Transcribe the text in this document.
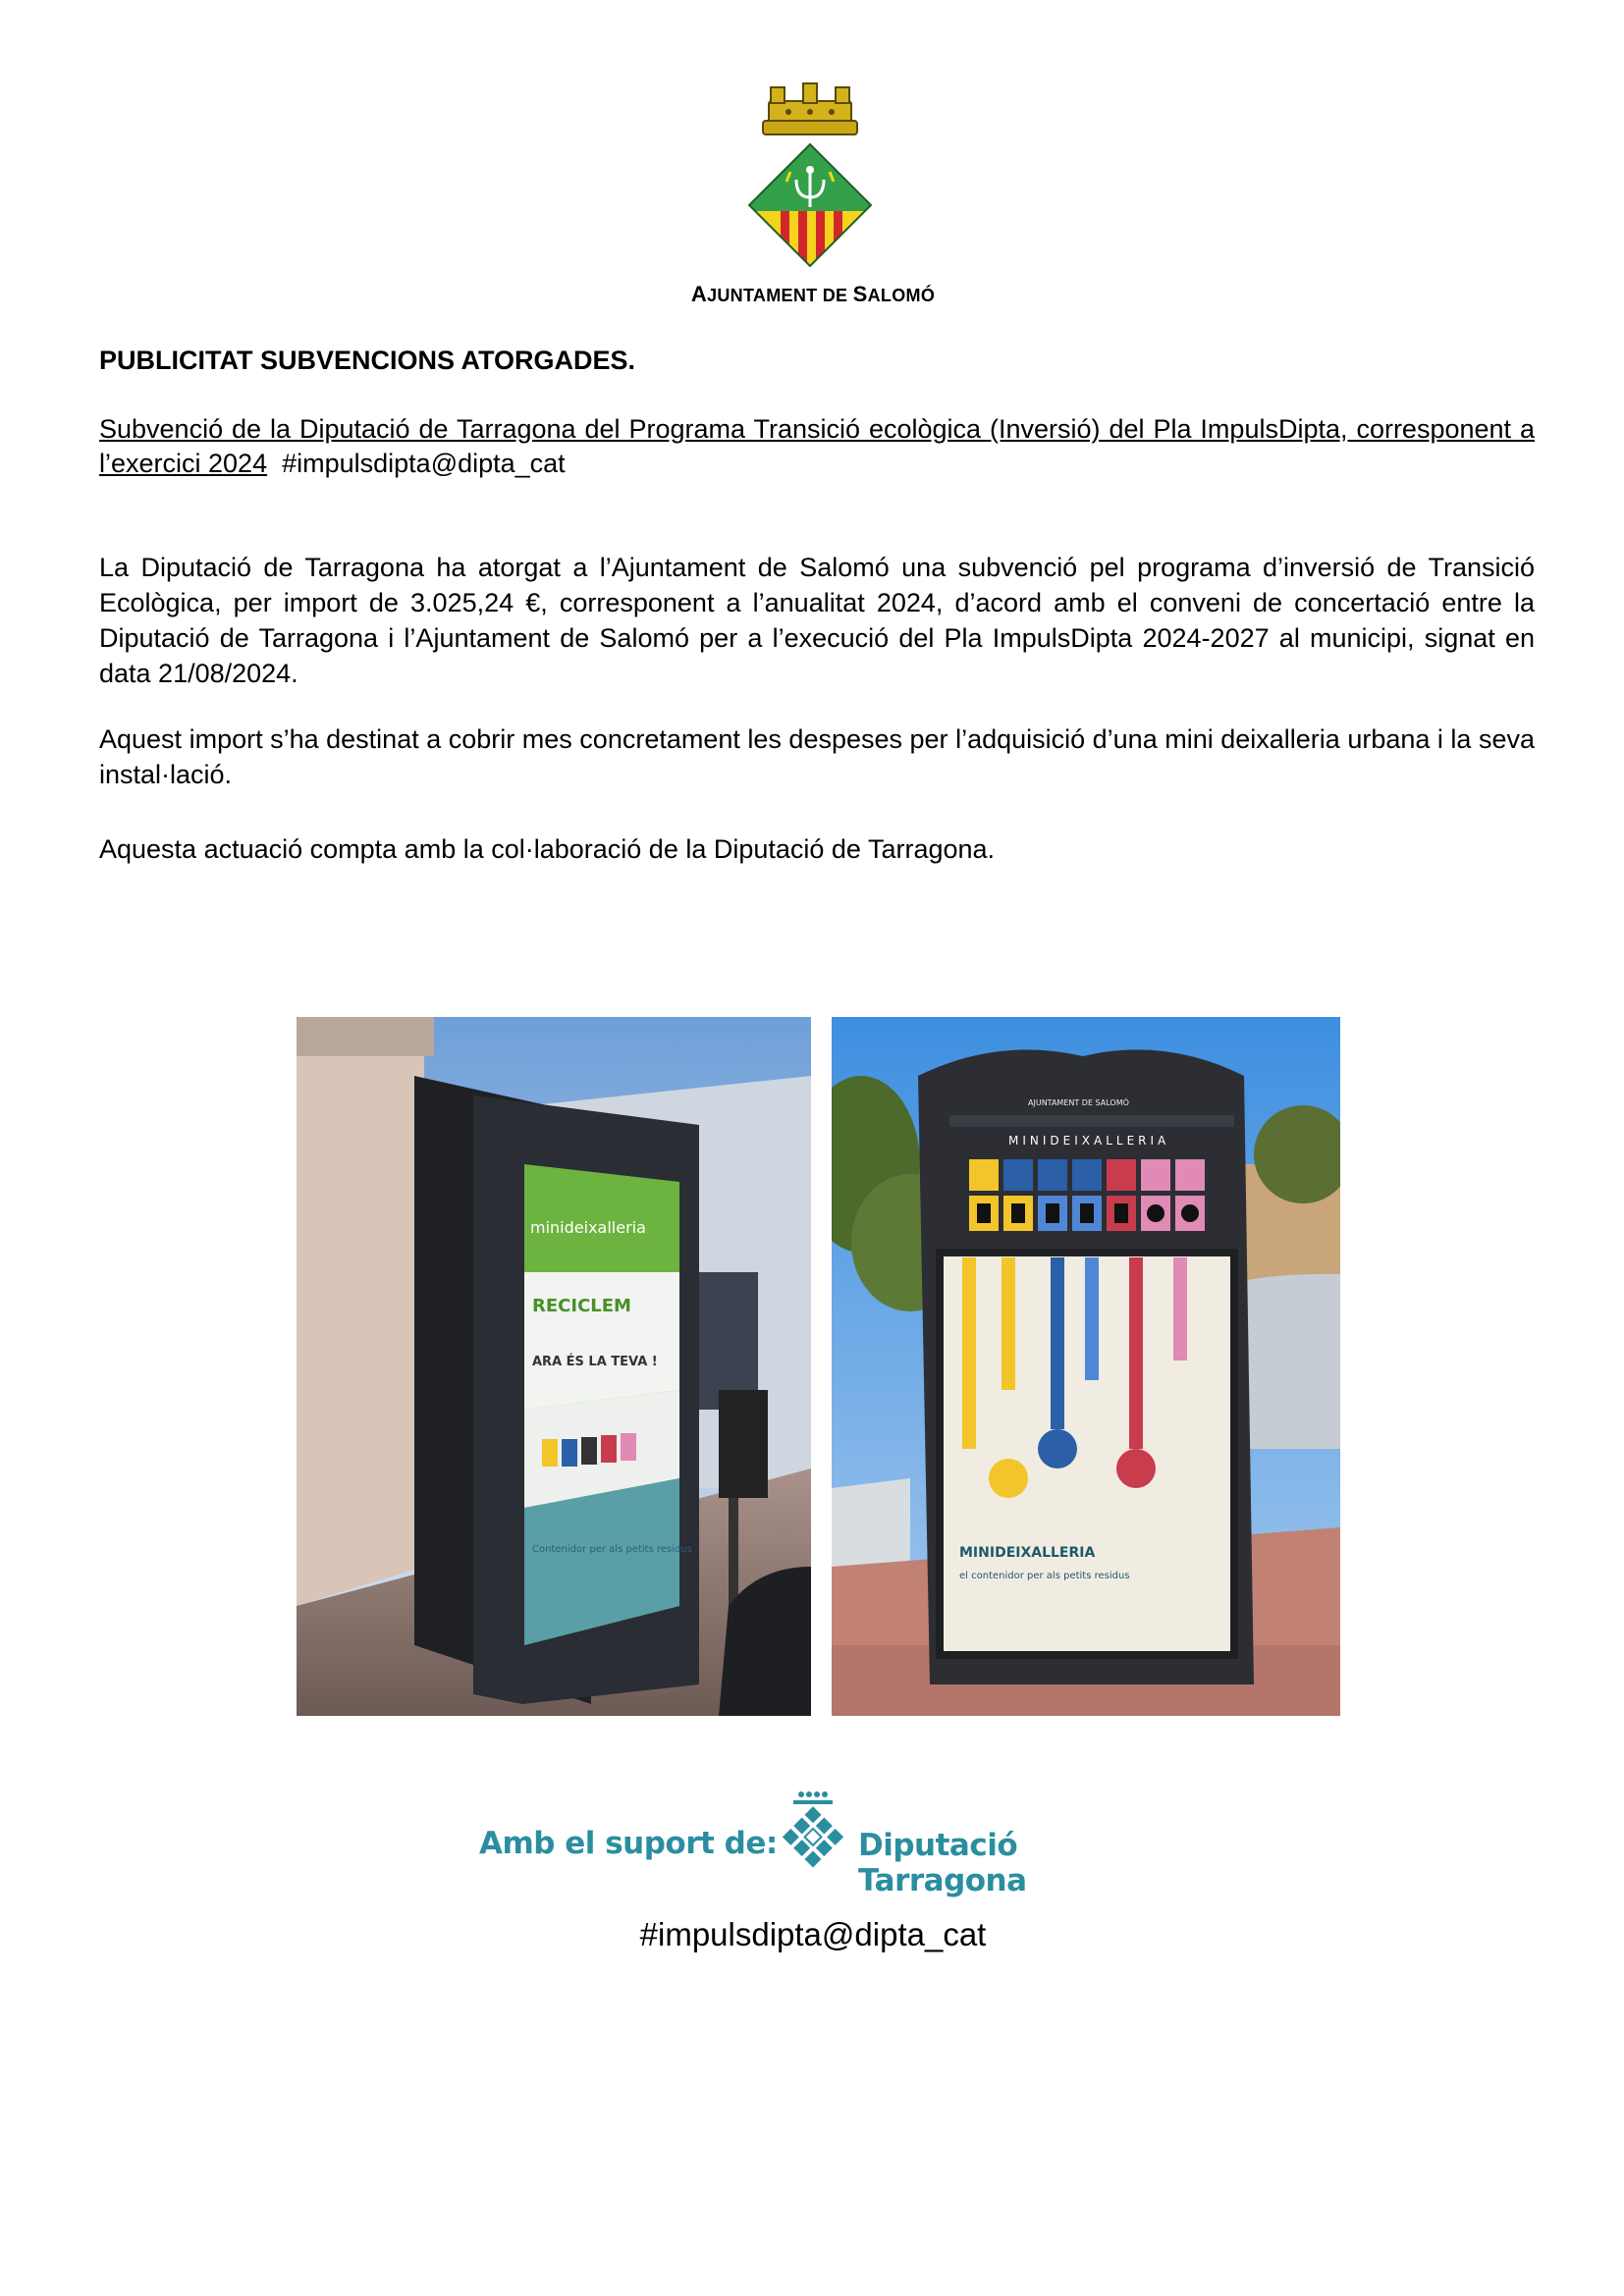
AJUNTAMENT DE SALOMÓ
PUBLICITAT SUBVENCIONS ATORGADES.
Subvenció de la Diputació de Tarragona del Programa Transició ecològica (Inversió) del Pla ImpulsDipta, corresponent a l’exercici 2024 #impulsdipta@dipta_cat
La Diputació de Tarragona ha atorgat a l’Ajuntament de Salomó una subvenció pel programa d’inversió de Transició Ecològica, per import de 3.025,24 €, corresponent a l’anualitat 2024, d’acord amb el conveni de concertació entre la Diputació de Tarragona i l’Ajuntament de Salomó per a l’execució del Pla ImpulsDipta 2024-2027 al municipi, signat en data 21/08/2024.
Aquest import s’ha destinat a cobrir mes concretament les despeses per l’adquisició d’una mini deixalleria urbana i la seva instal·lació.
Aquesta actuació compta amb la col·laboració de la Diputació de Tarragona.
minideixalleria
RECICLEM
ARA ÉS LA TEVA !
Contenidor per als petits residus
AJUNTAMENT DE SALOMÓ
MINIDEIXALLERIA
MINIDEIXALLERIA
el contenidor per als petits residus
Amb el suport de:	Diputació Tarragona
#impulsdipta@dipta_cat
